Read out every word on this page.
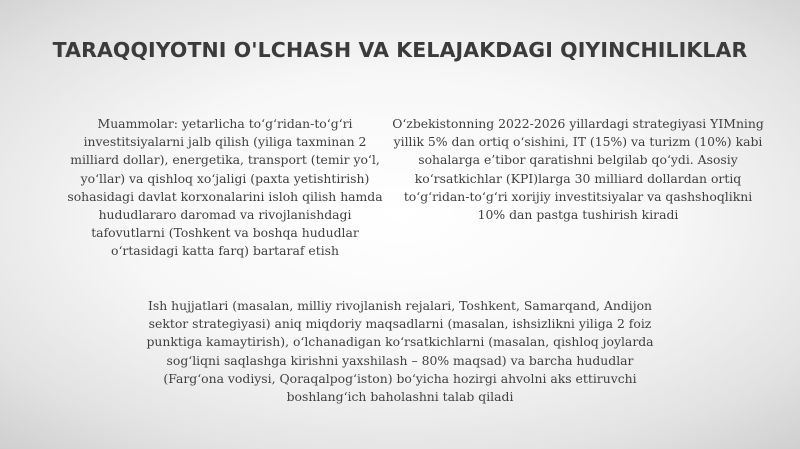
TARAQQIYOTNI O'LCHASH VA KELAJAKDAGI QIYINCHILIKLAR

Muammolar: yetarlicha to‘g‘ridan-to‘g‘ri investitsiyalarni jalb qilish (yiliga taxminan 2 milliard dollar), energetika, transport (temir yo‘l, yo‘llar) va qishloq xo‘jaligi (paxta yetishtirish) sohasidagi davlat korxonalarini isloh qilish hamda hududlararo daromad va rivojlanishdagi tafovutlarni (Toshkent va boshqa hududlar o‘rtasidagi katta farq) bartaraf etish

O‘zbekistonning 2022-2026 yillardagi strategiyasi YIMning yillik 5% dan ortiq o‘sishini, IT (15%) va turizm (10%) kabi sohalarga e’tibor qaratishni belgilab qo‘ydi. Asosiy ko‘rsatkichlar (KPI)larga 30 milliard dollardan ortiq to‘g‘ridan-to‘g‘ri xorijiy investitsiyalar va qashshoqlikni 10% dan pastga tushirish kiradi

Ish hujjatlari (masalan, milliy rivojlanish rejalari, Toshkent, Samarqand, Andijon sektor strategiyasi) aniq miqdoriy maqsadlarni (masalan, ishsizlikni yiliga 2 foiz punktiga kamaytirish), o‘lchanadigan ko‘rsatkichlarni (masalan, qishloq joylarda sog‘liqni saqlashga kirishni yaxshilash – 80% maqsad) va barcha hududlar (Farg‘ona vodiysi, Qoraqalpog‘iston) bo‘yicha hozirgi ahvolni aks ettiruvchi boshlang‘ich baholashni talab qiladi
